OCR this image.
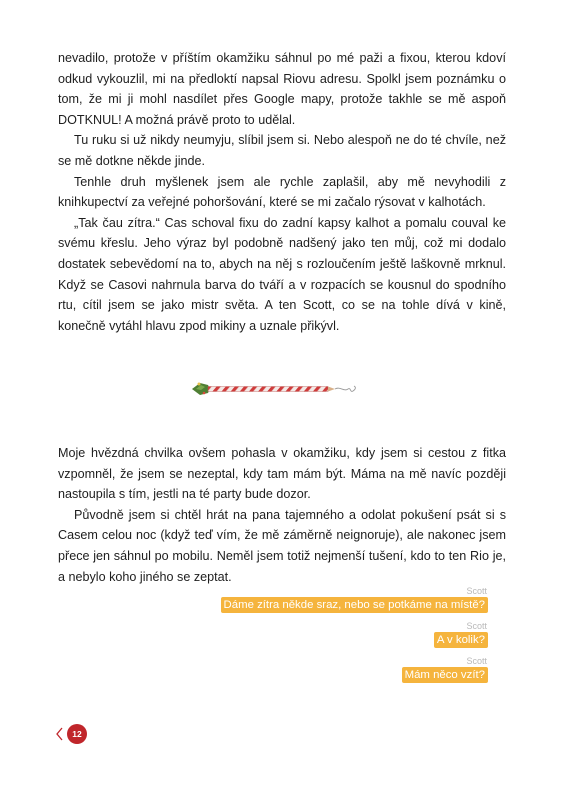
nevadilo, protože v příštím okamžiku sáhnul po mé paži a fixou, kterou kdoví odkud vykouzlil, mi na předloktí napsal Riovu adresu. Spolkl jsem poznámku o tom, že mi ji mohl nasdílet přes Google mapy, protože takhle se mě aspoň DOTKNUL! A možná právě proto to udělal.

Tu ruku si už nikdy neumyju, slíbil jsem si. Nebo alespoň ne do té chvíle, než se mě dotkne někde jinde.

Tenhle druh myšlenek jsem ale rychle zaplašil, aby mě nevyhodili z knihkupectví za veřejné pohoršování, které se mi začalo rýsovat v kalhotách.

„Tak čau zítra.“ Cas schoval fixu do zadní kapsy kalhot a pomalu couval ke svému křeslu. Jeho výraz byl podobně nadšený jako ten můj, což mi dodalo dostatek sebevědomí na to, abych na něj s rozloučením ještě laškovně mrknul. Když se Casovi nahrnula barva do tváří a v rozpacích se kousnul do spodního rtu, cítil jsem se jako mistr světa. A ten Scott, co se na tohle dívá v kině, konečně vytáhl hlavu zpod mikiny a uznale přikývl.

Moje hvězdná chvilka ovšem pohasla v okamžiku, kdy jsem si cestou z fitka vzpomněl, že jsem se nezeptal, kdy tam mám být. Máma na mě navíc později nastoupila s tím, jestli na té party bude dozor.

Původně jsem si chtěl hrát na pana tajemného a odolat pokušení psát si s Casem celou noc (když teď vím, že mě záměrně neignoruje), ale nakonec jsem přece jen sáhnul po mobilu. Neměl jsem totiž nejmenší tušení, kdo to ten Rio je, a nebylo koho jiného se zeptat.

Scott
Dáme zítra někde sraz, nebo se potkáme na místě?
Scott
A v kolik?
Scott
Mám něco vzít?
12
